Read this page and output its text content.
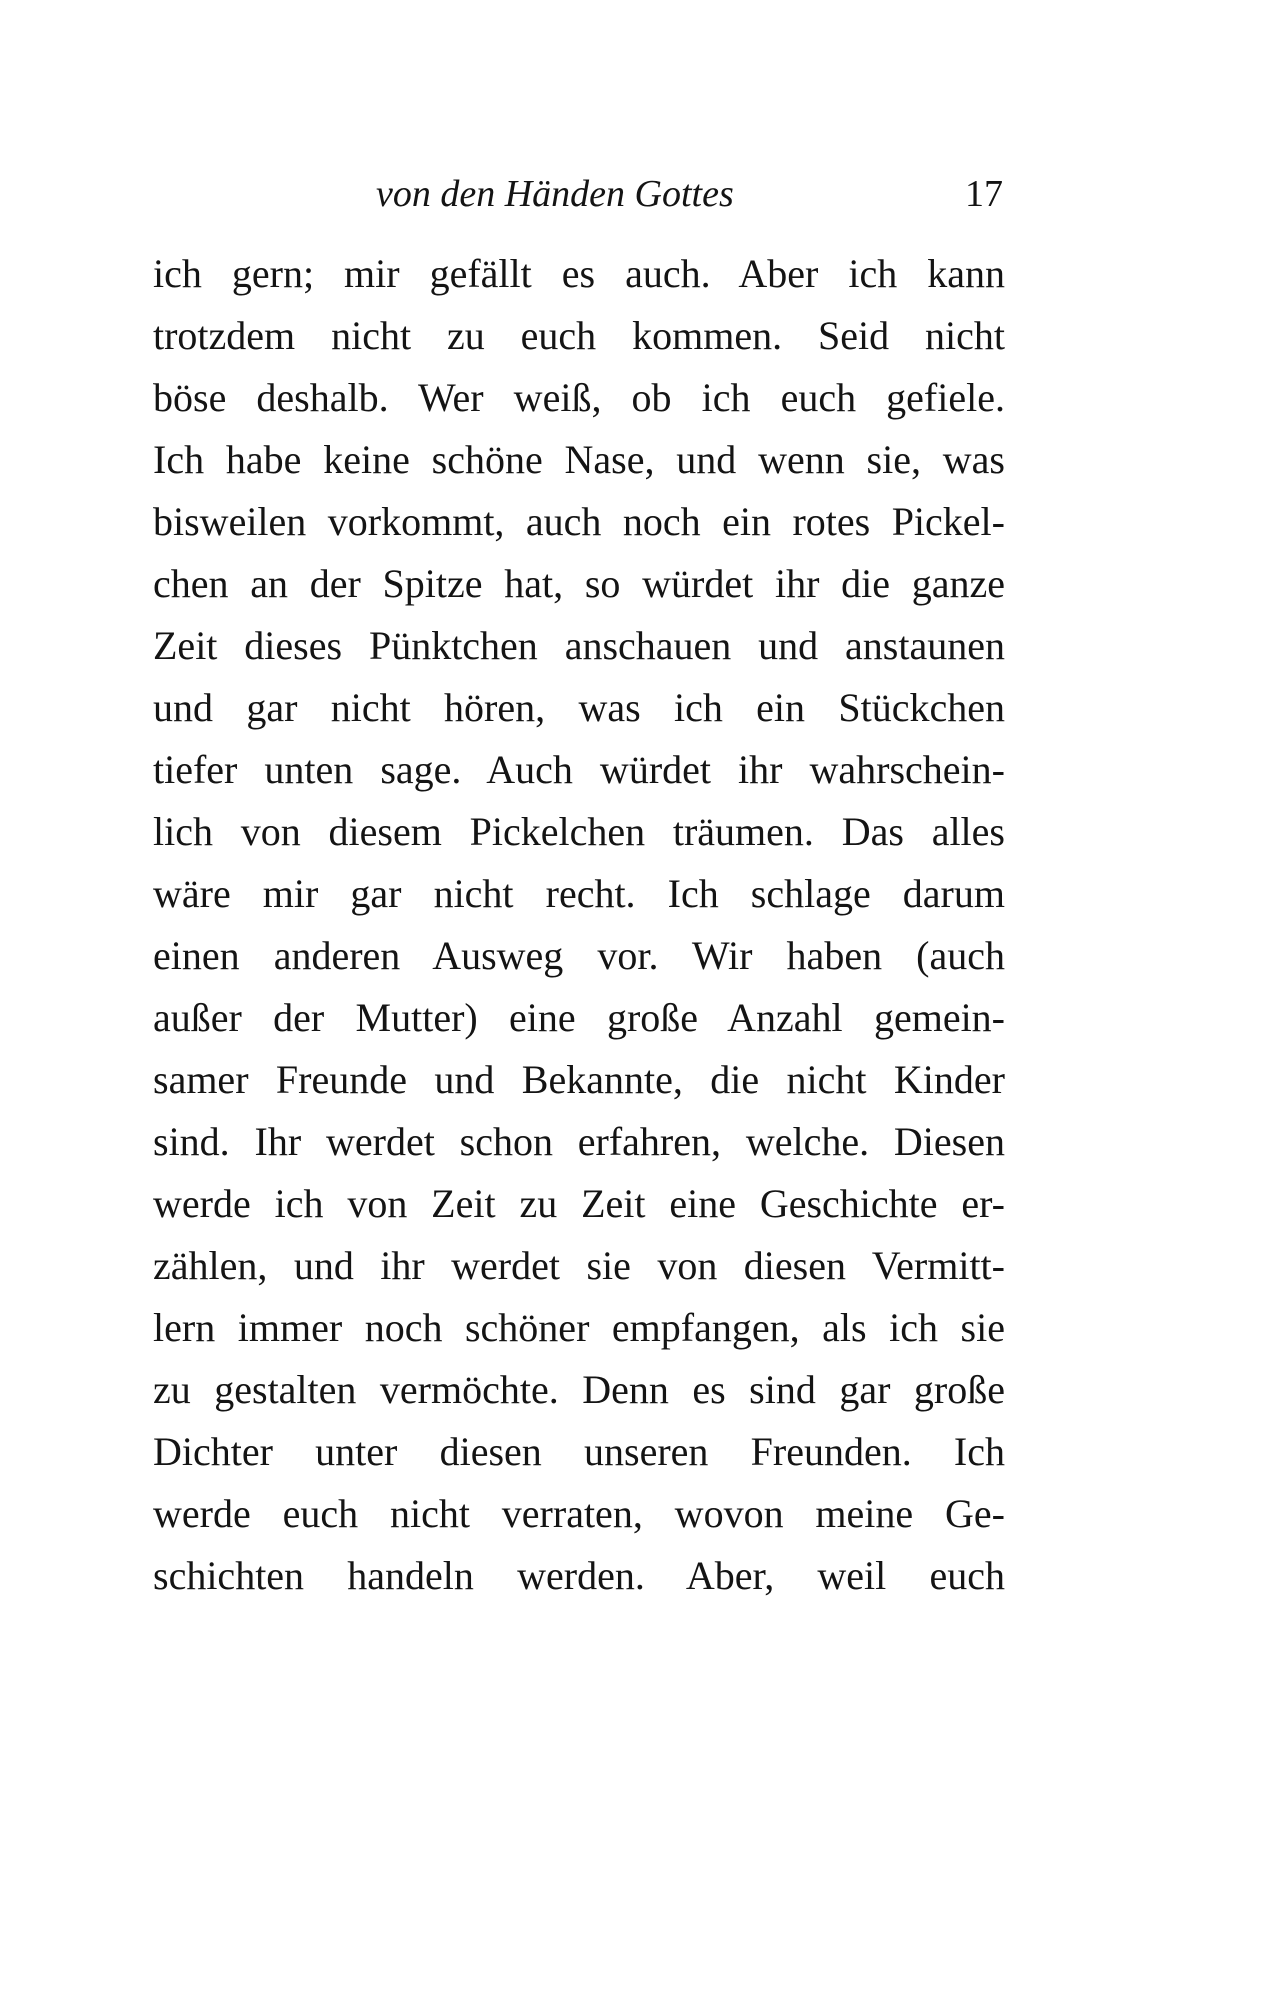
von den Händen Gottes	17
ich gern; mir gefällt es auch. Aber ich kann
trotzdem nicht zu euch kommen. Seid nicht
böse deshalb. Wer weiß, ob ich euch gefiele.
Ich habe keine schöne Nase, und wenn sie, was
bisweilen vorkommt, auch noch ein rotes Pickel-
chen an der Spitze hat, so würdet ihr die ganze
Zeit dieses Pünktchen anschauen und anstaunen
und gar nicht hören, was ich ein Stückchen
tiefer unten sage. Auch würdet ihr wahrschein-
lich von diesem Pickelchen träumen. Das alles
wäre mir gar nicht recht. Ich schlage darum
einen anderen Ausweg vor. Wir haben (auch
außer der Mutter) eine große Anzahl gemein-
samer Freunde und Bekannte, die nicht Kinder
sind. Ihr werdet schon erfahren, welche. Diesen
werde ich von Zeit zu Zeit eine Geschichte er-
zählen, und ihr werdet sie von diesen Vermitt-
lern immer noch schöner empfangen, als ich sie
zu gestalten vermöchte. Denn es sind gar große
Dichter unter diesen unseren Freunden. Ich
werde euch nicht verraten, wovon meine Ge-
schichten handeln werden. Aber, weil euch
